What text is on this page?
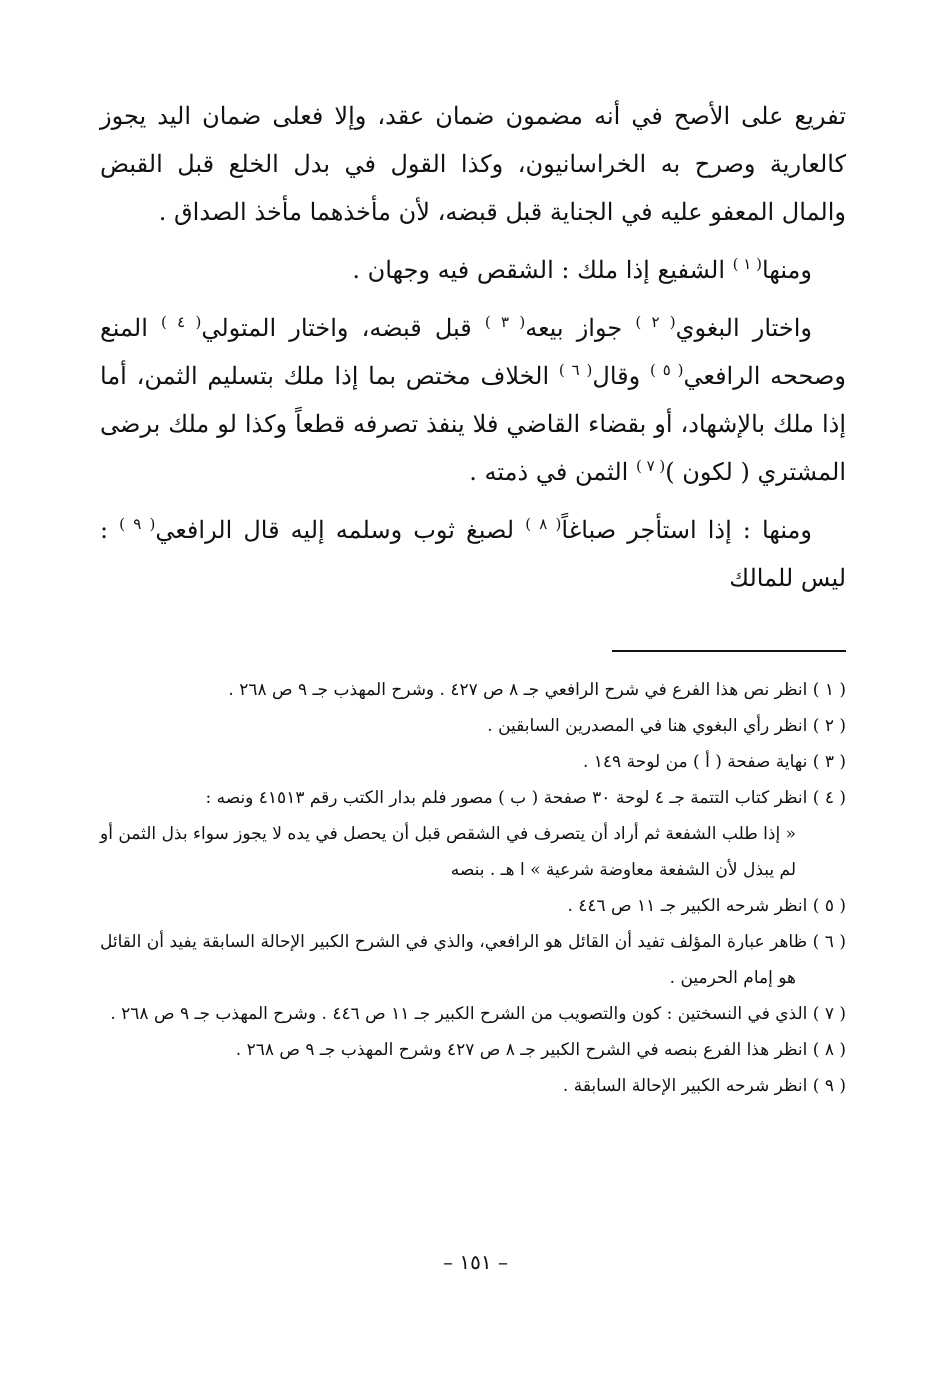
تفريع على الأصح في أنه مضمون ضمان عقد، وإلا فعلى ضمان اليد يجوز كالعارية وصرح به الخراسانيون، وكذا القول في بدل الخلع قبل القبض والمال المعفو عليه في الجناية قبل قبضه، لأن مأخذهما مأخذ الصداق .

ومنها$^{( ١ )}$ الشفيع إذا ملك : الشقص فيه وجهان .

واختار البغوي$^{( ٢ )}$ جواز بيعه$^{( ٣ )}$ قبل قبضه، واختار المتولي$^{( ٤ )}$ المنع وصححه الرافعي$^{( ٥ )}$ وقال$^{( ٦ )}$ الخلاف مختص بما إذا ملك بتسليم الثمن، أما إذا ملك بالإشهاد، أو بقضاء القاضي فلا ينفذ تصرفه قطعاً وكذا لو ملك برضى المشتري ( لكون )$^{( ٧ )}$ الثمن في ذمته .

ومنها : إذا استأجر صباغاً$^{( ٨ )}$ لصبغ ثوب وسلمه إليه قال الرافعي$^{( ٩ )}$ : ليس للمالك

( ١ ) انظر نص هذا الفرع في شرح الرافعي جـ ٨ ص ٤٢٧ . وشرح المهذب جـ ٩ ص ٢٦٨ .

( ٢ ) انظر رأي البغوي هنا في المصدرين السابقين .

( ٣ ) نهاية صفحة ( أ ) من لوحة ١٤٩ .

( ٤ ) انظر كتاب التتمة جـ ٤ لوحة ٣٠ صفحة ( ب ) مصور فلم بدار الكتب رقم ٤١٥١٣ ونصه :
« إذا طلب الشفعة ثم أراد أن يتصرف في الشقص قبل أن يحصل في يده لا يجوز سواء بذل الثمن أو لم يبذل لأن الشفعة معاوضة شرعية » ا هـ . بنصه

( ٥ ) انظر شرحه الكبير جـ ١١ ص ٤٤٦ .

( ٦ ) ظاهر عبارة المؤلف تفيد أن القائل هو الرافعي، والذي في الشرح الكبير الإحالة السابقة يفيد أن القائل هو إمام الحرمين .

( ٧ ) الذي في النسختين : كون والتصويب من الشرح الكبير جـ ١١ ص ٤٤٦ . وشرح المهذب جـ ٩ ص ٢٦٨ .

( ٨ ) انظر هذا الفرع بنصه في الشرح الكبير جـ ٨ ص ٤٢٧ وشرح المهذب جـ ٩ ص ٢٦٨ .

( ٩ ) انظر شرحه الكبير الإحالة السابقة .

– ١٥١ –
